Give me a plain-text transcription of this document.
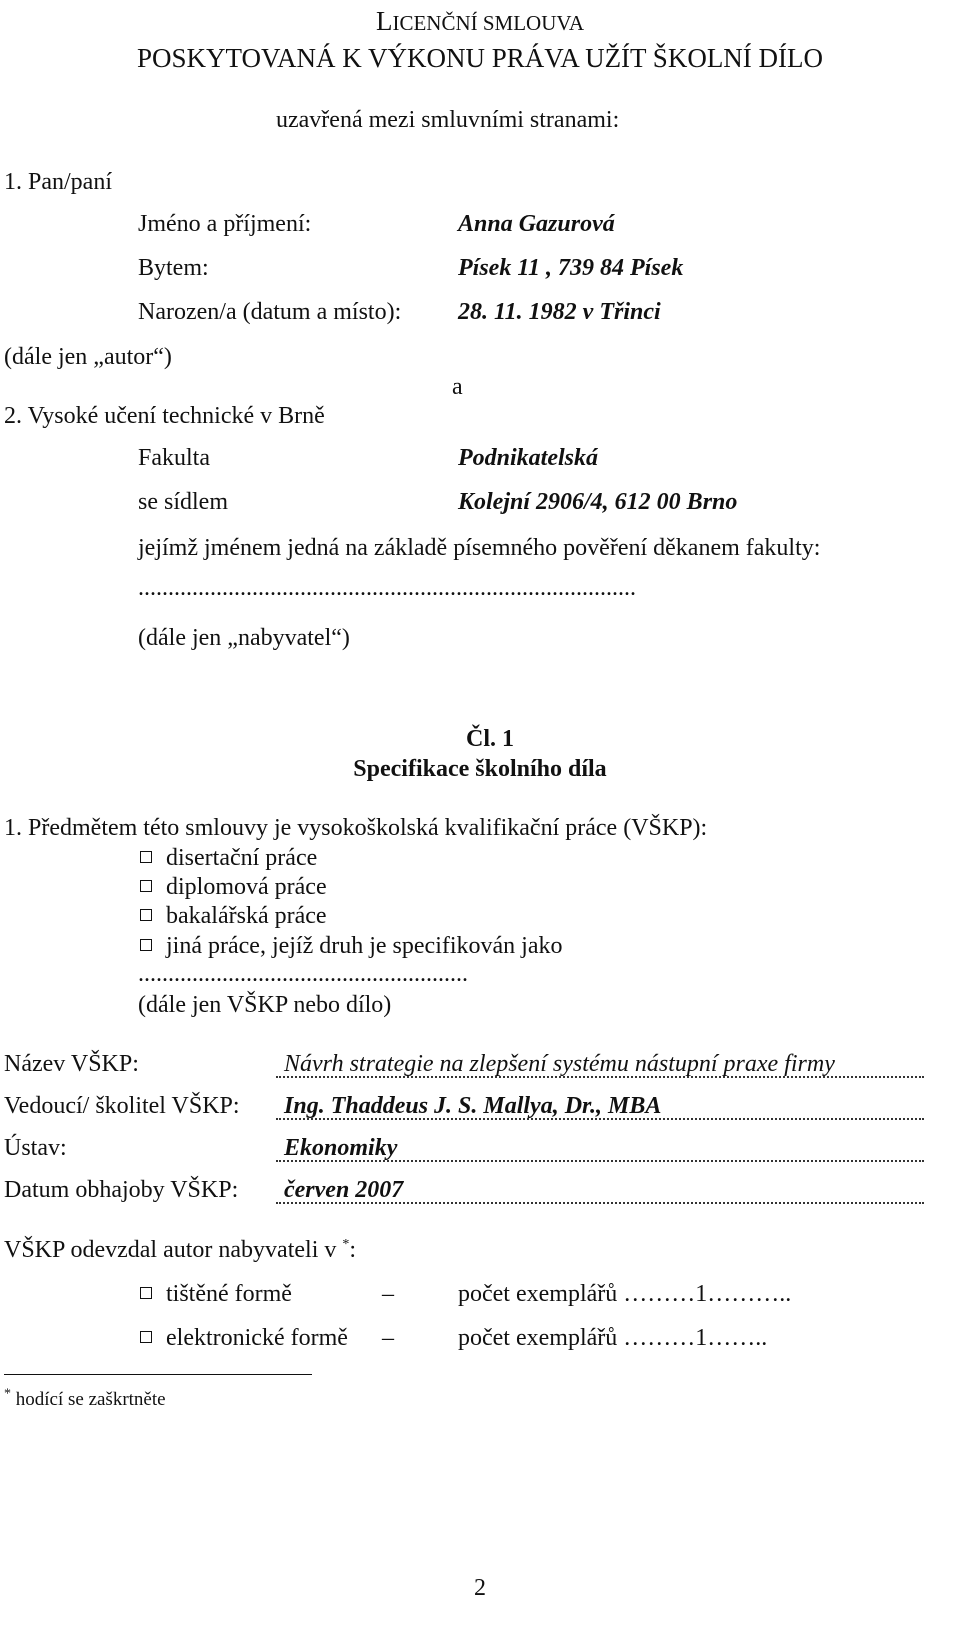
LICENČNÍ SMLOUVA
POSKYTOVANÁ K VÝKONU PRÁVA UŽÍT ŠKOLNÍ DÍLO
uzavřená mezi smluvními stranami:
1. Pan/paní
Jméno a příjmení:	Anna Gazurová
Bytem:	Písek 11 , 739 84 Písek
Narozen/a (datum a místo): 28. 11. 1982 v Třinci
(dále jen „autor“)
a
2. Vysoké učení technické v Brně
Fakulta	Podnikatelská
se sídlem	Kolejní 2906/4, 612 00 Brno
jejímž jménem jedná na základě písemného pověření děkanem fakulty:
...................................................................................
(dále jen „nabyvatel“)
Čl. 1
Specifikace školního díla
1. Předmětem této smlouvy je vysokoškolská kvalifikační práce (VŠKP):
disertační práce
diplomová práce
bakalářská práce
jiná práce, jejíž druh je specifikován jako
.......................................................
(dále jen VŠKP nebo dílo)
Název VŠKP:	Návrh strategie na zlepšení systému nástupní praxe firmy
Vedoucí/ školitel VŠKP: Ing. Thaddeus J. S. Mallya, Dr., MBA
Ústav:	Ekonomiky
Datum obhajoby VŠKP: červen 2007
VŠKP odevzdal autor nabyvateli v *:
tištěné formě	–	počet exemplářů ………1………..
elektronické formě –	počet exemplářů ………1……..
* hodící se zaškrtněte
2
